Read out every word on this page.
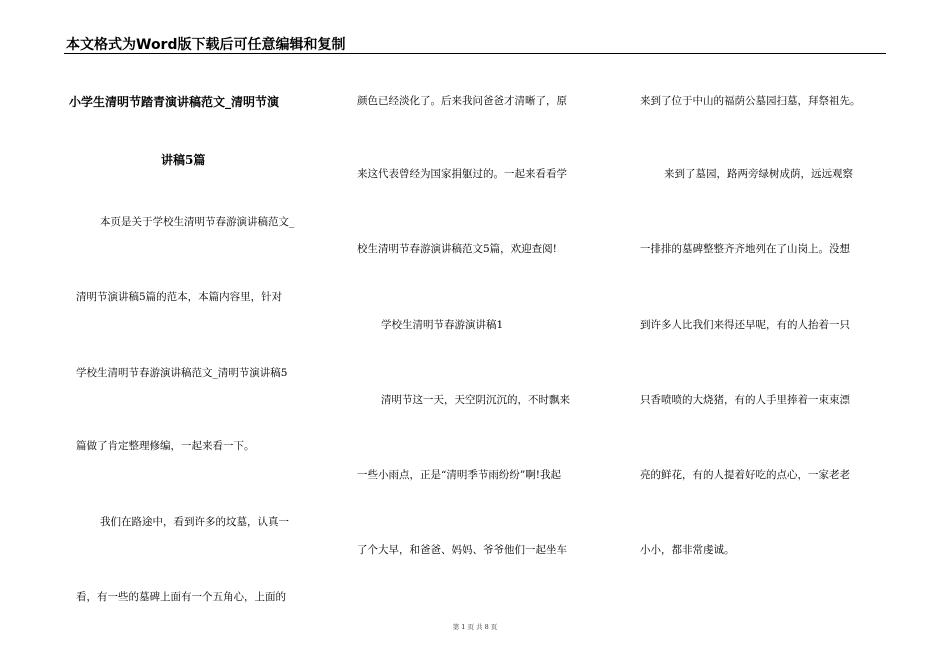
本文格式为Word版下载后可任意编辑和复制
小学生清明节踏青演讲稿范文_清明节演
讲稿5篇
本页是关于学校生清明节春游演讲稿范文_
清明节演讲稿5篇的范本，本篇内容里，针对
学校生清明节春游演讲稿范文_清明节演讲稿5
篇做了肯定整理修编，一起来看一下。
我们在路途中，看到许多的坟墓，认真一
看，有一些的墓碑上面有一个五角心，上面的
颜色已经淡化了。后来我问爸爸才清晰了，原
来这代表曾经为国家捐躯过的。一起来看看学
校生清明节春游演讲稿范文5篇，欢迎查阅!
学校生清明节春游演讲稿1
清明节这一天，天空阴沉沉的，不时飘来
一些小雨点，正是“清明季节雨纷纷”啊!我起
了个大早，和爸爸、妈妈、爷爷他们一起坐车
来到了位于中山的福荫公墓园扫墓，拜祭祖先。
来到了墓园，路两旁绿树成荫，远远观察
一排排的墓碑整整齐齐地列在了山岗上。没想
到许多人比我们来得还早呢，有的人抬着一只
只香喷喷的大烧猪，有的人手里捧着一束束漂
亮的鲜花，有的人提着好吃的点心，一家老老
小小，都非常虔诚。
第 1 页 共 8 页
